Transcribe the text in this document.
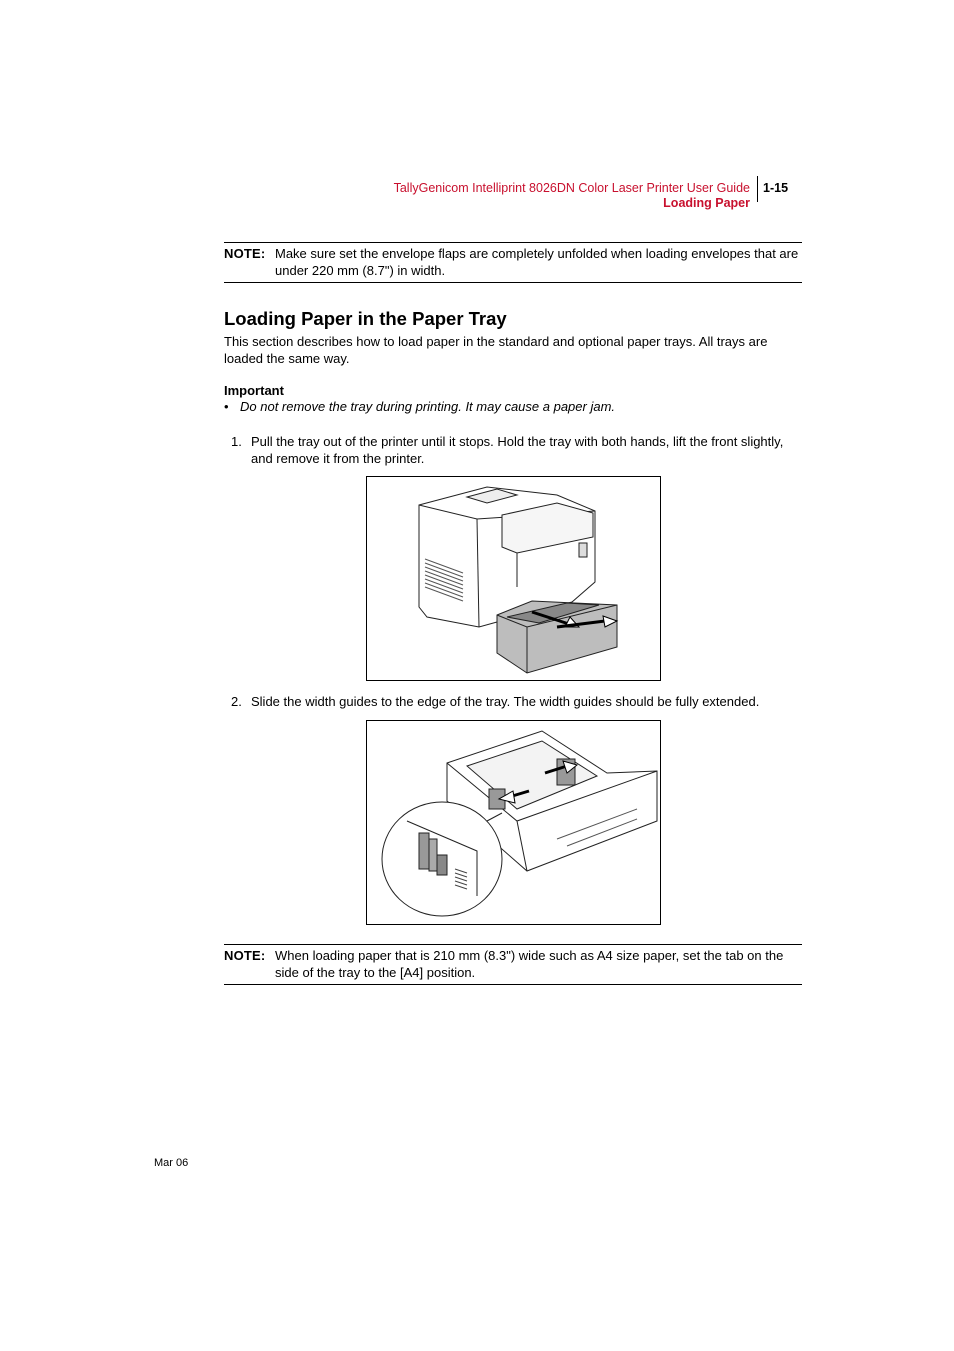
TallyGenicom Intelliprint 8026DN Color Laser Printer User Guide
Loading Paper
1-15
NOTE: Make sure set the envelope flaps are completely unfolded when loading envelopes that are under 220 mm (8.7") in width.
Loading Paper in the Paper Tray
This section describes how to load paper in the standard and optional paper trays. All trays are loaded the same way.
Important
• Do not remove the tray during printing. It may cause a paper jam.
1. Pull the tray out of the printer until it stops. Hold the tray with both hands, lift the front slightly, and remove it from the printer.
2. Slide the width guides to the edge of the tray. The width guides should be fully extended.
NOTE: When loading paper that is 210 mm (8.3") wide such as A4 size paper, set the tab on the side of the tray to the [A4] position.
Mar 06
